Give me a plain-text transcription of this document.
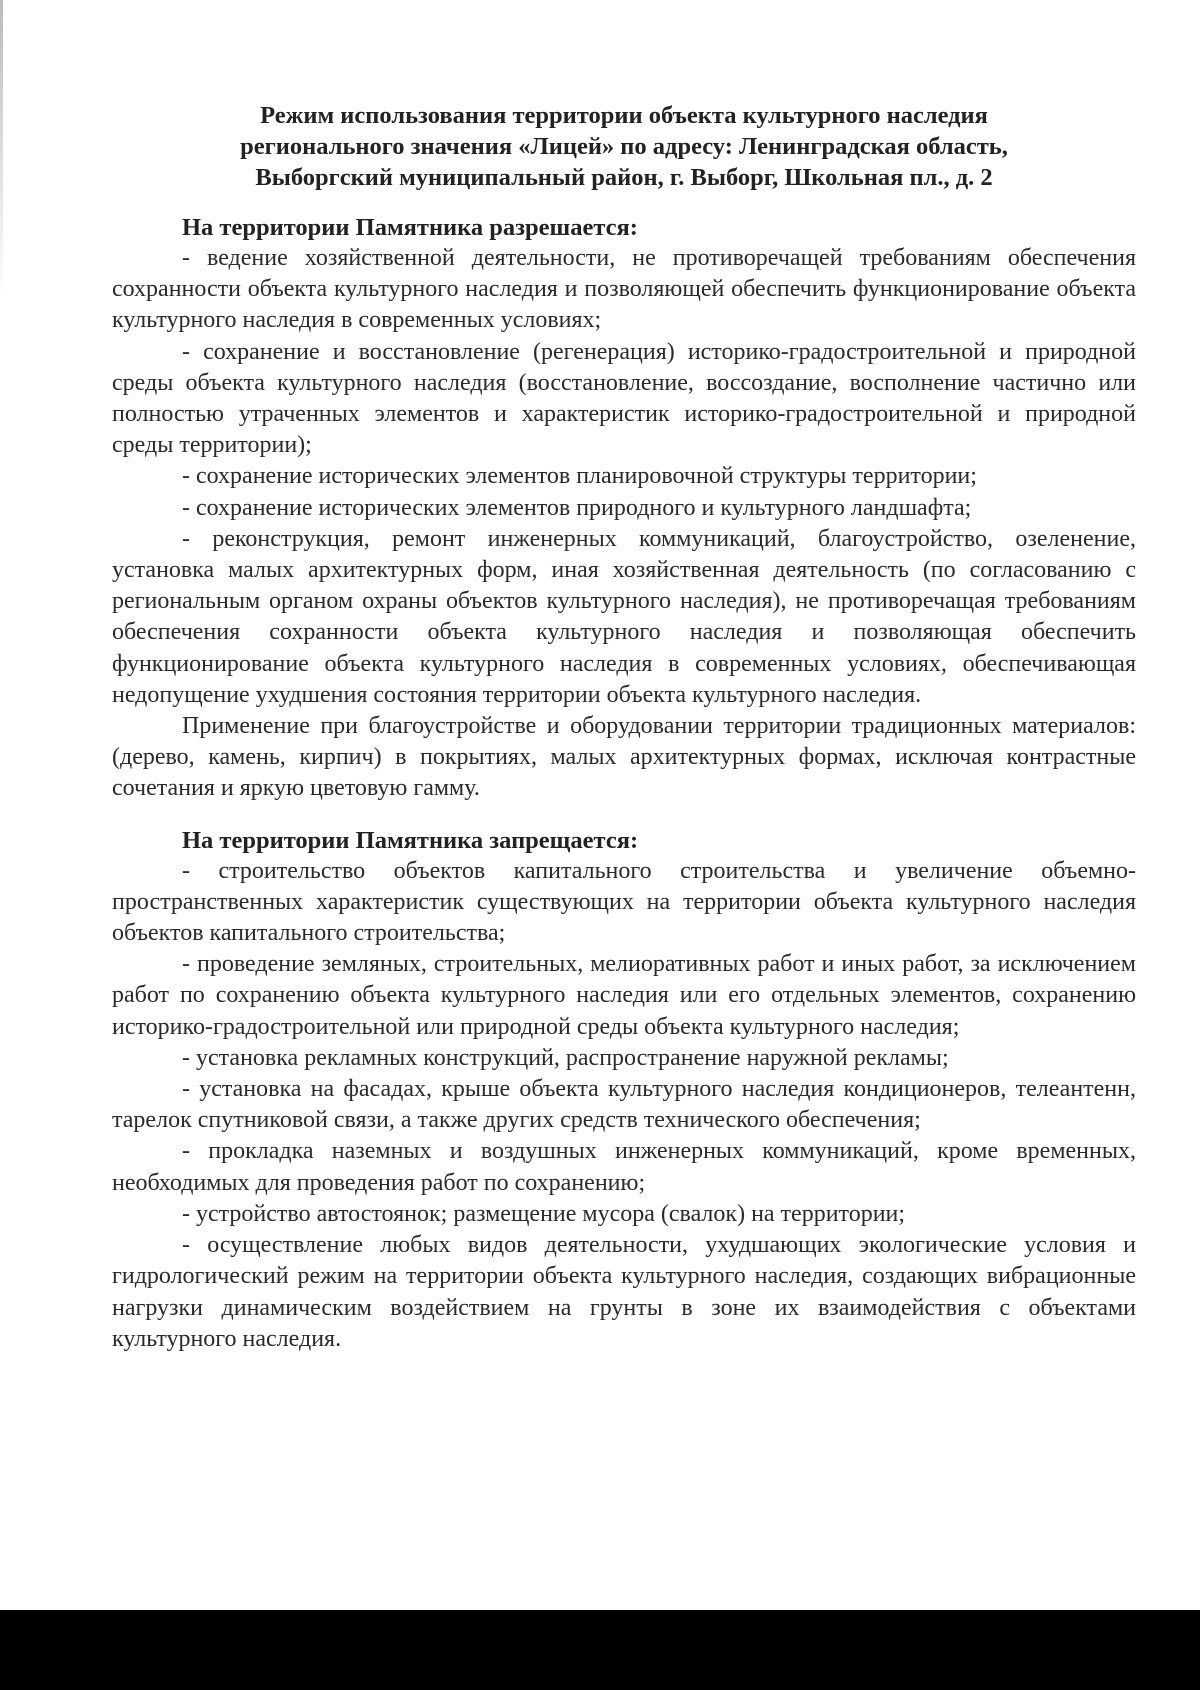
Режим использования территории объекта культурного наследия
регионального значения «Лицей» по адресу: Ленинградская область,
Выборгский муниципальный район, г. Выборг, Школьная пл., д. 2
На территории Памятника разрешается:

- ведение хозяйственной деятельности, не противоречащей требованиям обеспечения сохранности объекта культурного наследия и позволяющей обеспечить функционирование объекта культурного наследия в современных условиях;

- сохранение и восстановление (регенерация) историко-градостроительной и природной среды объекта культурного наследия (восстановление, воссоздание, восполнение частично или полностью утраченных элементов и характеристик историко-градостроительной и природной среды территории);

- сохранение исторических элементов планировочной структуры территории;

- сохранение исторических элементов природного и культурного ландшафта;

- реконструкция, ремонт инженерных коммуникаций, благоустройство, озеленение, установка малых архитектурных форм, иная хозяйственная деятельность (по согласованию с региональным органом охраны объектов культурного наследия), не противоречащая требованиям обеспечения сохранности объекта культурного наследия и позволяющая обеспечить функционирование объекта культурного наследия в современных условиях, обеспечивающая недопущение ухудшения состояния территории объекта культурного наследия.

Применение при благоустройстве и оборудовании территории традиционных материалов: (дерево, камень, кирпич) в покрытиях, малых архитектурных формах, исключая контрастные сочетания и яркую цветовую гамму.

На территории Памятника запрещается:

- строительство объектов капитального строительства и увеличение объемно-пространственных характеристик существующих на территории объекта культурного наследия объектов капитального строительства;

- проведение земляных, строительных, мелиоративных работ и иных работ, за исключением работ по сохранению объекта культурного наследия или его отдельных элементов, сохранению историко-градостроительной или природной среды объекта культурного наследия;

- установка рекламных конструкций, распространение наружной рекламы;

- установка на фасадах, крыше объекта культурного наследия кондиционеров, телеантенн, тарелок спутниковой связи, а также других средств технического обеспечения;

- прокладка наземных и воздушных инженерных коммуникаций, кроме временных, необходимых для проведения работ по сохранению;

- устройство автостоянок; размещение мусора (свалок) на территории;

- осуществление любых видов деятельности, ухудшающих экологические условия и гидрологический режим на территории объекта культурного наследия, создающих вибрационные нагрузки динамическим воздействием на грунты в зоне их взаимодействия с объектами культурного наследия.
